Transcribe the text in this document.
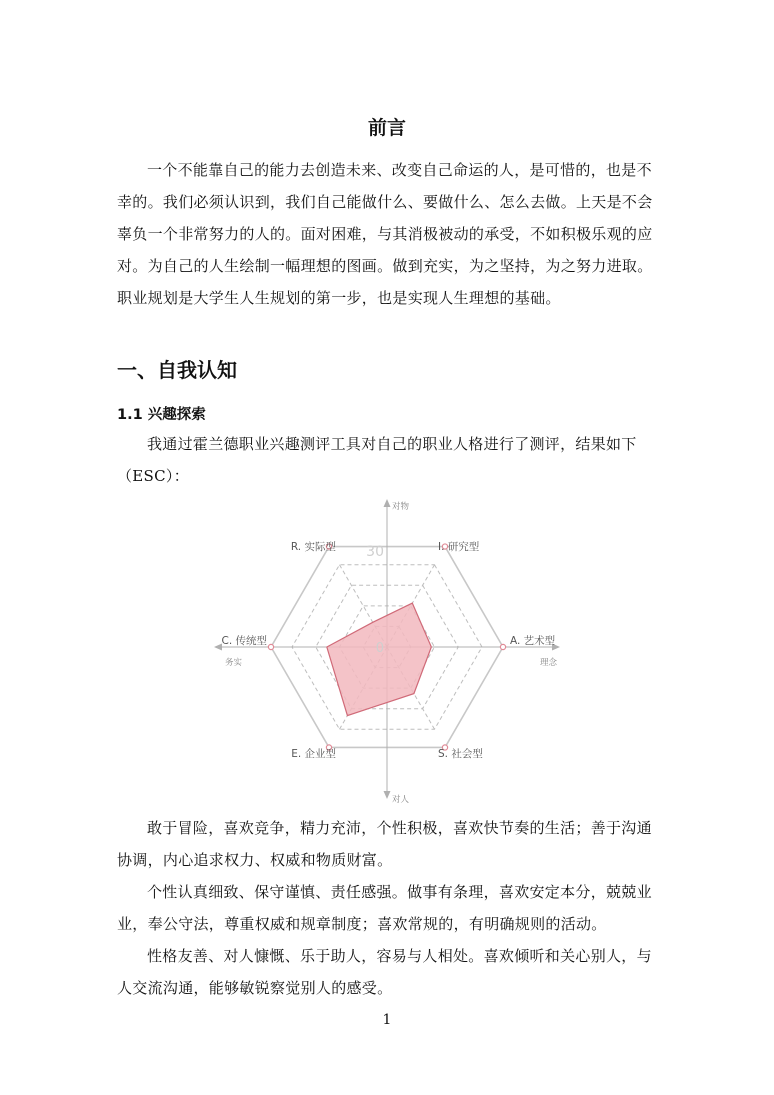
前言
一个不能靠自己的能力去创造未来、改变自己命运的人，是可惜的，也是不幸的。我们必须认识到，我们自己能做什么、要做什么、怎么去做。上天是不会辜负一个非常努力的人的。面对困难，与其消极被动的承受，不如积极乐观的应对。为自己的人生绘制一幅理想的图画。做到充实，为之坚持，为之努力进取。职业规划是大学生人生规划的第一步，也是实现人生理想的基础。
一、自我认知
1.1 兴趣探索
我通过霍兰德职业兴趣测评工具对自己的职业人格进行了测评，结果如下（ESC）：
I. 研究型
A. 艺术型
S. 社会型
E. 企业型
C. 传统型
R. 实际型 30
0
对物
对人
务实	理念
敢于冒险，喜欢竞争，精力充沛，个性积极，喜欢快节奏的生活；善于沟通协调，内心追求权力、权威和物质财富。
个性认真细致、保守谨慎、责任感强。做事有条理，喜欢安定本分，兢兢业业，奉公守法，尊重权威和规章制度；喜欢常规的，有明确规则的活动。
性格友善、对人慷慨、乐于助人，容易与人相处。喜欢倾听和关心别人，与人交流沟通，能够敏锐察觉别人的感受。
1
